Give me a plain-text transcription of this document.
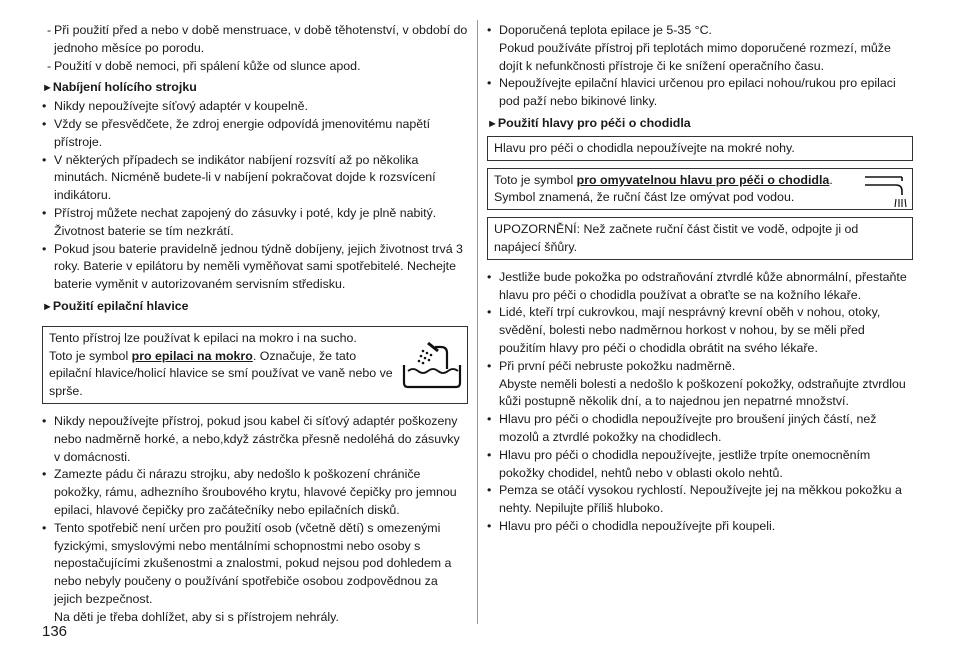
- Při použití před a nebo v době menstruace, v době těhotenství, v období do jednoho měsíce po porodu.
- Použití v době nemoci, při spálení kůže od slunce apod.
►Nabíjení holícího strojku
• Nikdy nepoužívejte síťový adaptér v koupelně.
• Vždy se přesvědčete, že zdroj energie odpovídá jmenovitému napětí přístroje.
• V některých případech se indikátor nabíjení rozsvítí až po několika minutách. Nicméně budete-li v nabíjení pokračovat dojde k rozsvícení indikátoru.
• Přístroj můžete nechat zapojený do zásuvky i poté, kdy je plně nabitý. Životnost baterie se tím nezkrátí.
• Pokud jsou baterie pravidelně jednou týdně dobíjeny, jejich životnost trvá 3 roky. Baterie v epilátoru by neměli vyměňovat sami spotřebitelé. Nechejte baterie vyměnit v autorizovaném servisním středisku.
►Použití epilační hlavice
Tento přístroj lze používat k epilaci na mokro i na sucho.
Toto je symbol pro epilaci na mokro. Označuje, že tato epilační hlavice/holicí hlavice se smí používat ve vaně nebo ve sprše.
• Nikdy nepoužívejte přístroj, pokud jsou kabel či síťový adaptér poškozeny nebo nadměrně horké, a nebo,když zástrčka přesně nedoléhá do zásuvky v domácnosti.
• Zamezte pádu či nárazu strojku, aby nedošlo k poškození chrániče pokožky, rámu, adhezního šroubového krytu, hlavové čepičky pro jemnou epilaci, hlavové čepičky pro začátečníky nebo epilačních disků.
• Tento spotřebič není určen pro použití osob (včetně dětí) s omezenými fyzickými, smyslovými nebo mentálními schopnostmi nebo osoby s nepostačujícími zkušenostmi a znalostmi, pokud nejsou pod dohledem a nebo nebyly poučeny o používání spotřebiče osobou zodpovědnou za jejich bezpečnost.
Na děti je třeba dohlížet, aby si s přístrojem nehrály.
• Doporučená teplota epilace je 5-35 °C.
Pokud používáte přístroj při teplotách mimo doporučené rozmezí, může dojít k nefunkčnosti přístroje či ke snížení operačního času.
• Nepoužívejte epilační hlavici určenou pro epilaci nohou/rukou pro epilaci pod paží nebo bikinové linky.
►Použití hlavy pro péči o chodidla
Hlavu pro péči o chodidla nepoužívejte na mokré nohy.
Toto je symbol pro omyvatelnou hlavu pro péči o chodidla.
Symbol znamená, že ruční část lze omývat pod vodou.
UPOZORNĚNÍ: Než začnete ruční část čistit ve vodě, odpojte ji od napájecí šňůry.
• Jestliže bude pokožka po odstraňování ztvrdlé kůže abnormální, přestaňte hlavu pro péči o chodidla používat a obraťte se na kožního lékaře.
• Lidé, kteří trpí cukrovkou, mají nesprávný krevní oběh v nohou, otoky, svědění, bolesti nebo nadměrnou horkost v nohou, by se měli před použitím hlavy pro péči o chodidla obrátit na svého lékaře.
• Při první péči nebruste pokožku nadměrně.
Abyste neměli bolesti a nedošlo k poškození pokožky, odstraňujte ztvrdlou kůži postupně několik dní, a to najednou jen nepatrné množství.
• Hlavu pro péči o chodidla nepoužívejte pro broušení jiných částí, než mozolů a ztvrdlé pokožky na chodidlech.
• Hlavu pro péči o chodidla nepoužívejte, jestliže trpíte onemocněním pokožky chodidel, nehtů nebo v oblasti okolo nehtů.
• Pemza se otáčí vysokou rychlostí. Nepoužívejte jej na měkkou pokožku a nehty. Nepilujte příliš hluboko.
• Hlavu pro péči o chodidla nepoužívejte při koupeli.
136
